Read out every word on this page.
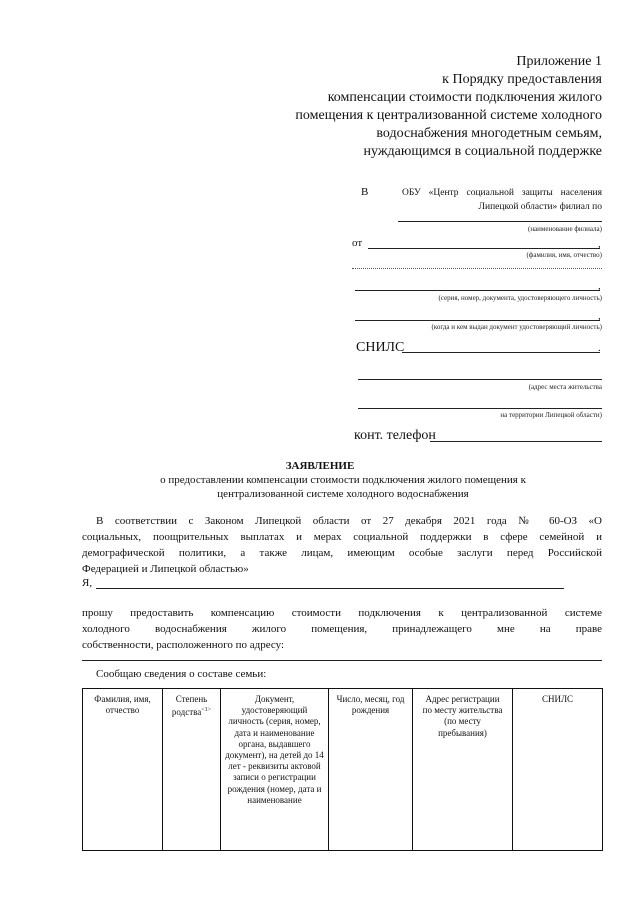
Приложение 1
к Порядку предоставления
компенсации стоимости подключения жилого
помещения к централизованной системе холодного
водоснабжения многодетным семьям,
нуждающимся в социальной поддержке
В	ОБУ «Центр социальной защиты населения
Липецкой области» филиал по
(наименование филиала)
от	,
(фамилия, имя, отчество)
,
(серия, номер, документа, удостоверяющего личность)
,
(когда и кем выдан документ удостоверяющий личность)
СНИЛС	.
(адрес места жительства
на территории Липецкой области)
конт. телефон
ЗАЯВЛЕНИЕ
о предоставлении компенсации стоимости подключения жилого помещения к
централизованной системе холодного водоснабжения
В соответствии с Законом Липецкой области от 27 декабря 2021 года № 60-ОЗ «О
социальных, поощрительных выплатах и мерах социальной поддержки в сфере семейной и
демографической политики, а также лицам, имеющим особые заслуги перед Российской
Федерацией и Липецкой областью»
Я,
прошу предоставить компенсацию стоимости подключения к централизованной системе
холодного водоснабжения жилого помещения, принадлежащего мне на праве
собственности, расположенного по адресу:
Сообщаю сведения о составе семьи:
Фамилия, имя, отчество	Степень родства$^{<1>}$	Документ, удостоверяющий личность (серия, номер, дата и наименование органа, выдавшего документ), на детей до 14 лет - реквизиты актовой записи о регистрации рождения (номер, дата и наименование	Число, месяц, год рождения	Адрес регистрации по месту жительства (по месту пребывания)	СНИЛС
